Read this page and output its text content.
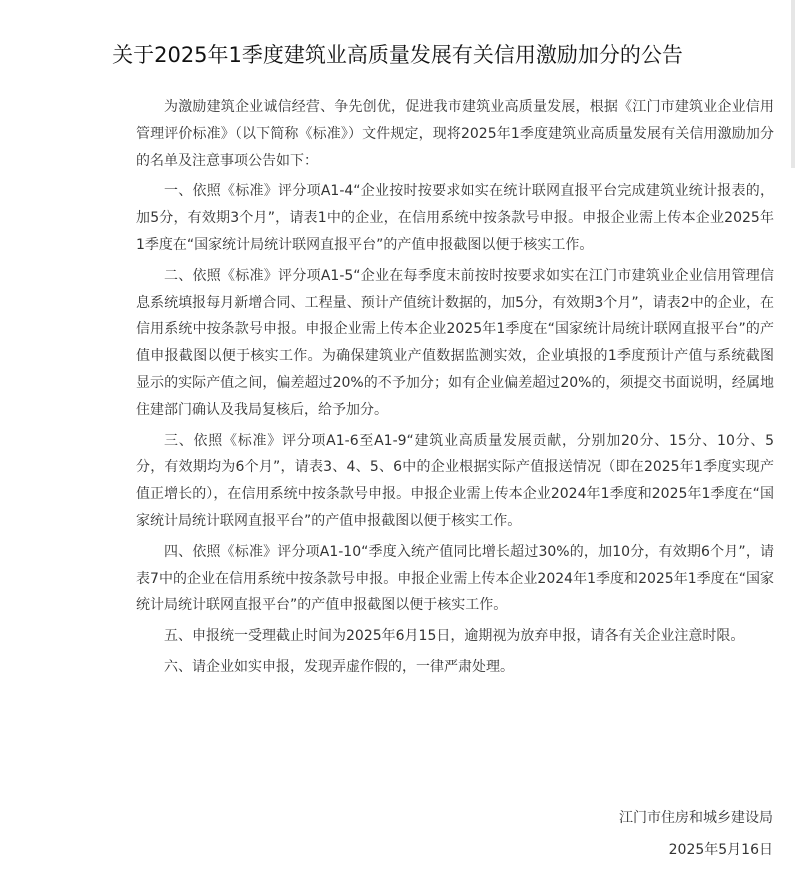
关于2025年1季度建筑业高质量发展有关信用激励加分的公告

为激励建筑企业诚信经营、争先创优，促进我市建筑业高质量发展，根据《江门市建筑业企业信用管理评价标准》（以下简称《标准》）文件规定，现将2025年1季度建筑业高质量发展有关信用激励加分的名单及注意事项公告如下：

一、依照《标准》评分项A1-4“企业按时按要求如实在统计联网直报平台完成建筑业统计报表的，加5分，有效期3个月”，请表1中的企业，在信用系统中按条款号申报。申报企业需上传本企业2025年1季度在“国家统计局统计联网直报平台”的产值申报截图以便于核实工作。

二、依照《标准》评分项A1-5“企业在每季度末前按时按要求如实在江门市建筑业企业信用管理信息系统填报每月新增合同、工程量、预计产值统计数据的，加5分，有效期3个月”，请表2中的企业，在信用系统中按条款号申报。申报企业需上传本企业2025年1季度在“国家统计局统计联网直报平台”的产值申报截图以便于核实工作。为确保建筑业产值数据监测实效，企业填报的1季度预计产值与系统截图显示的实际产值之间，偏差超过20%的不予加分；如有企业偏差超过20%的，须提交书面说明，经属地住建部门确认及我局复核后，给予加分。

三、依照《标准》评分项A1-6至A1-9“建筑业高质量发展贡献，分别加20分、15分、10分、5分，有效期均为6个月”，请表3、4、5、6中的企业根据实际产值报送情况（即在2025年1季度实现产值正增长的），在信用系统中按条款号申报。申报企业需上传本企业2024年1季度和2025年1季度在“国家统计局统计联网直报平台”的产值申报截图以便于核实工作。

四、依照《标准》评分项A1-10“季度入统产值同比增长超过30%的，加10分，有效期6个月”，请表7中的企业在信用系统中按条款号申报。申报企业需上传本企业2024年1季度和2025年1季度在“国家统计局统计联网直报平台”的产值申报截图以便于核实工作。

五、申报统一受理截止时间为2025年6月15日，逾期视为放弃申报，请各有关企业注意时限。

六、请企业如实申报，发现弄虚作假的，一律严肃处理。

江门市住房和城乡建设局
2025年5月16日
